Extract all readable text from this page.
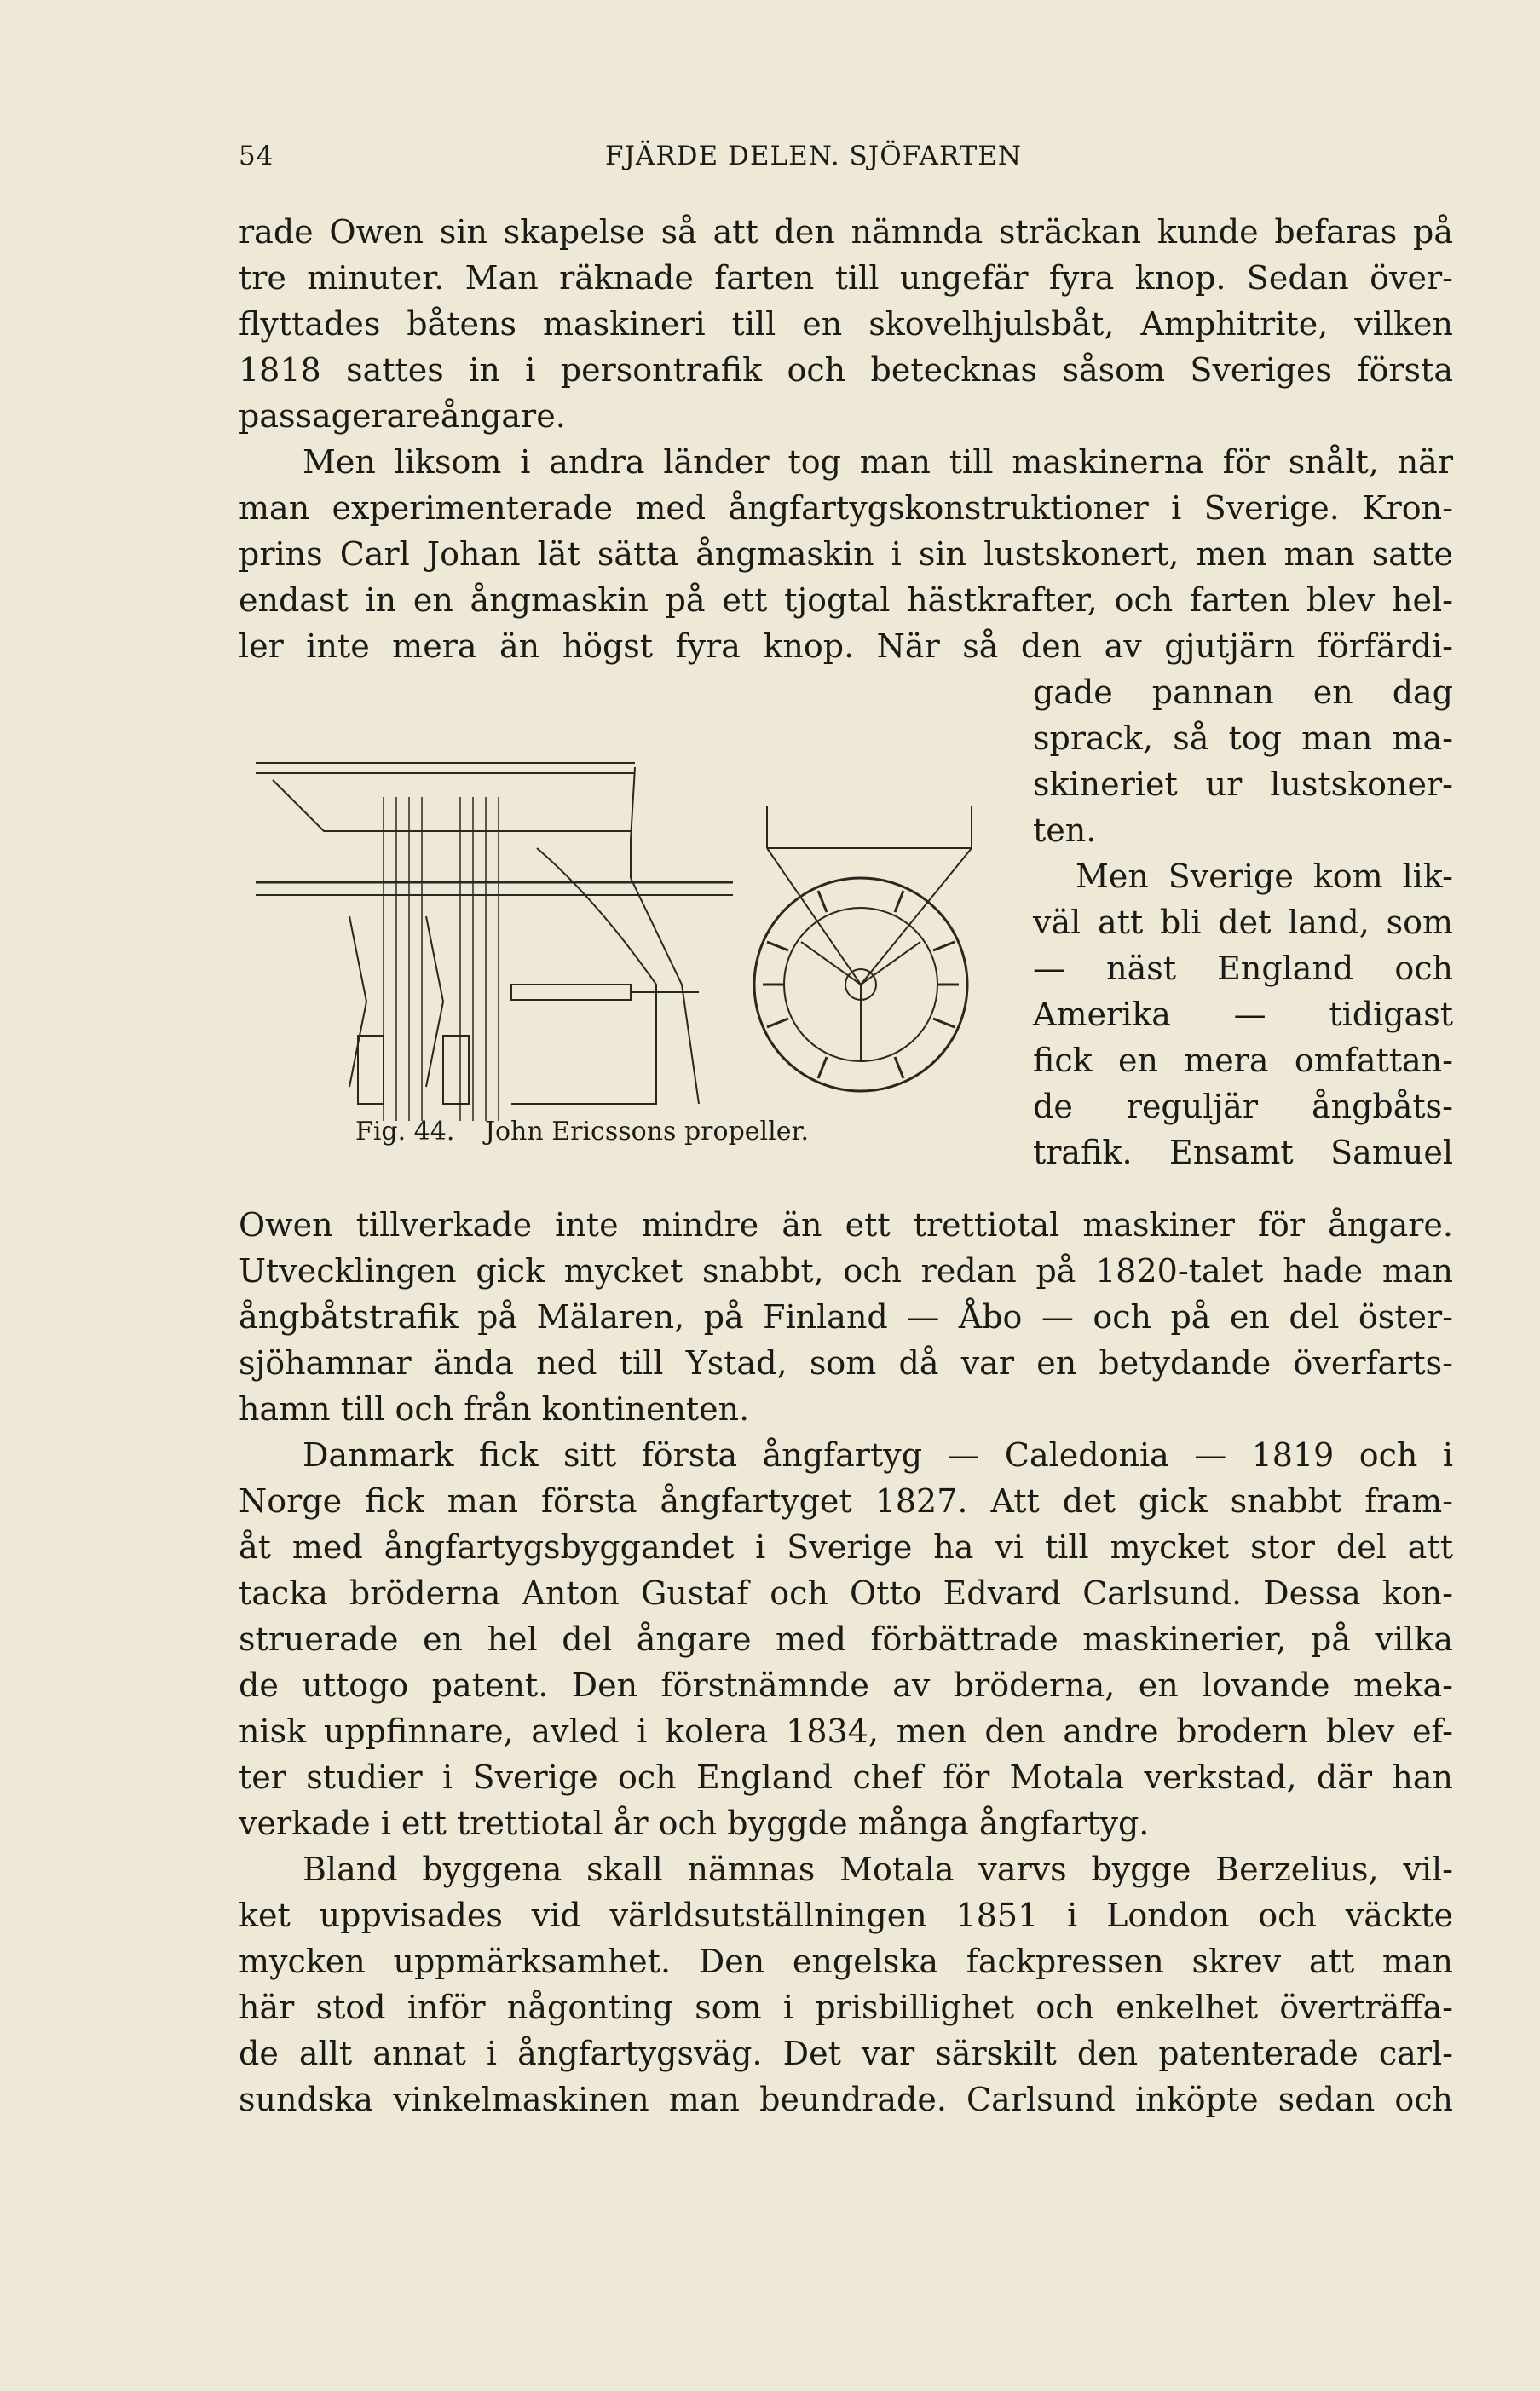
54	FJÄRDE DELEN. SJÖFARTEN
rade Owen sin skapelse så att den nämnda sträckan kunde befaras på
tre minuter. Man räknade farten till ungefär fyra knop. Sedan över-
flyttades båtens maskineri till en skovelhjulsbåt, Amphitrite, vilken
1818 sattes in i persontrafik och betecknas såsom Sveriges första
passagerareångare.
Men liksom i andra länder tog man till maskinerna för snålt, när
man experimenterade med ångfartygskonstruktioner i Sverige. Kron-
prins Carl Johan lät sätta ångmaskin i sin lustskonert, men man satte
endast in en ångmaskin på ett tjogtal hästkrafter, och farten blev hel-
ler inte mera än högst fyra knop. När så den av gjutjärn förfärdi-
Fig. 44. John Ericssons propeller.
gade pannan en dag
sprack, så tog man ma-
skineriet ur lustskoner-
ten.
Men Sverige kom lik-
väl att bli det land, som
— näst England och
Amerika — tidigast
fick en mera omfattan-
de reguljär ångbåts-
trafik. Ensamt Samuel
Owen tillverkade inte mindre än ett trettiotal maskiner för ångare.
Utvecklingen gick mycket snabbt, och redan på 1820-talet hade man
ångbåtstrafik på Mälaren, på Finland — Åbo — och på en del öster-
sjöhamnar ända ned till Ystad, som då var en betydande överfarts-
hamn till och från kontinenten.
Danmark fick sitt första ångfartyg — Caledonia — 1819 och i
Norge fick man första ångfartyget 1827. Att det gick snabbt fram-
åt med ångfartygsbyggandet i Sverige ha vi till mycket stor del att
tacka bröderna Anton Gustaf och Otto Edvard Carlsund. Dessa kon-
struerade en hel del ångare med förbättrade maskinerier, på vilka
de uttogo patent. Den förstnämnde av bröderna, en lovande meka-
nisk uppfinnare, avled i kolera 1834, men den andre brodern blev ef-
ter studier i Sverige och England chef för Motala verkstad, där han
verkade i ett trettiotal år och byggde många ångfartyg.
Bland byggena skall nämnas Motala varvs bygge Berzelius, vil-
ket uppvisades vid världsutställningen 1851 i London och väckte
mycken uppmärksamhet. Den engelska fackpressen skrev att man
här stod inför någonting som i prisbillighet och enkelhet överträffa-
de allt annat i ångfartygsväg. Det var särskilt den patenterade carl-
sundska vinkelmaskinen man beundrade. Carlsund inköpte sedan och
